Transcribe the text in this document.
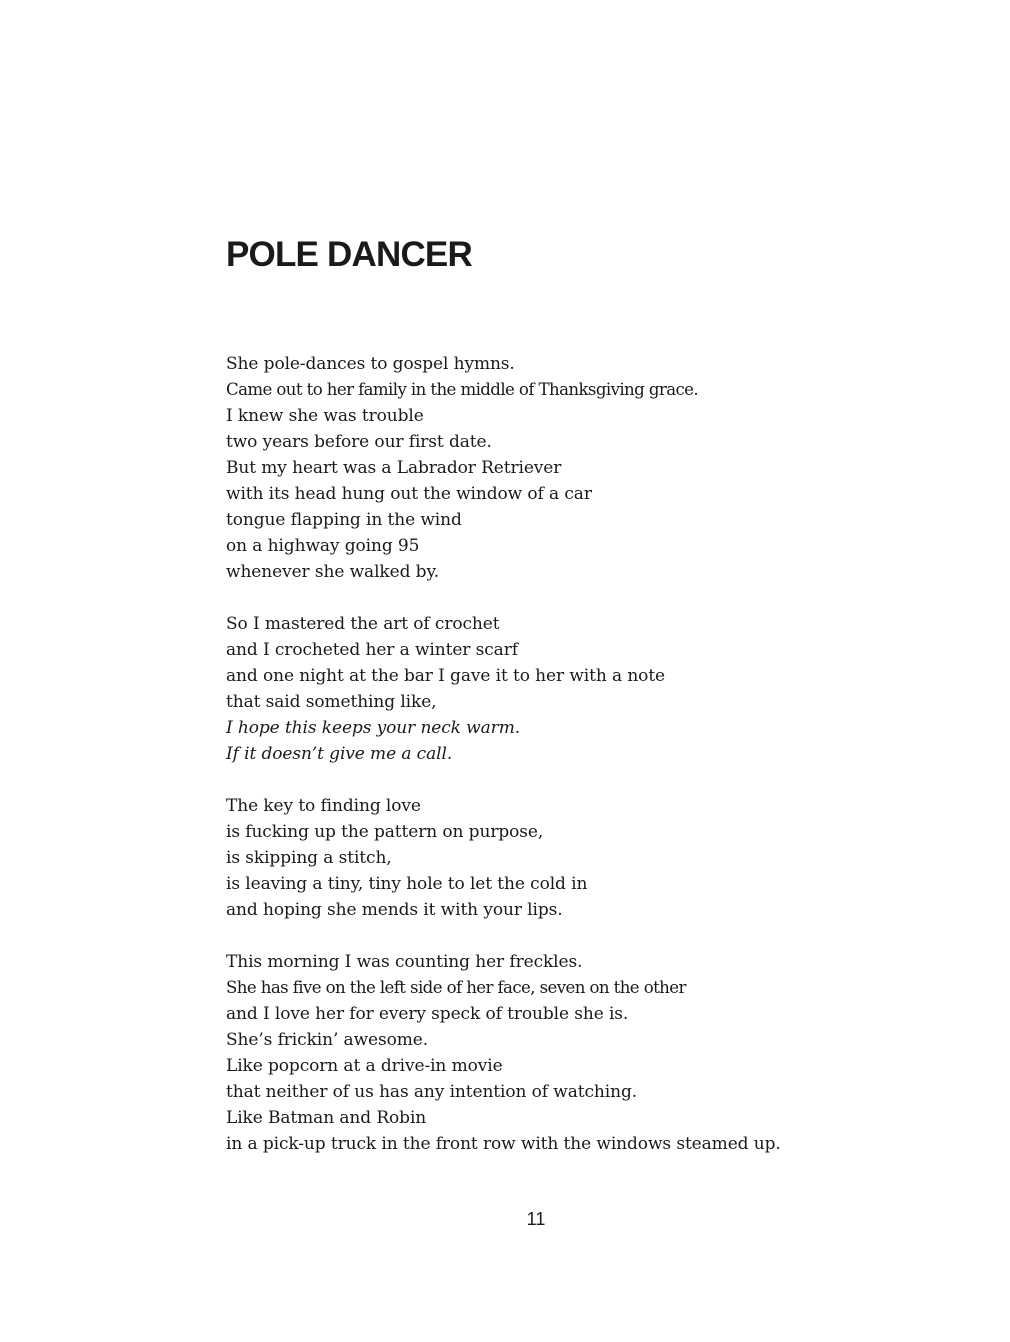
POLE DANCER

She pole-dances to gospel hymns.
Came out to her family in the middle of Thanksgiving grace.
I knew she was trouble
two years before our first date.
But my heart was a Labrador Retriever
with its head hung out the window of a car
tongue flapping in the wind
on a highway going 95
whenever she walked by.

So I mastered the art of crochet
and I crocheted her a winter scarf
and one night at the bar I gave it to her with a note
that said something like,
I hope this keeps your neck warm.
If it doesn’t give me a call.

The key to finding love
is fucking up the pattern on purpose,
is skipping a stitch,
is leaving a tiny, tiny hole to let the cold in
and hoping she mends it with your lips.

This morning I was counting her freckles.
She has five on the left side of her face, seven on the other
and I love her for every speck of trouble she is.
She’s frickin’ awesome.
Like popcorn at a drive-in movie
that neither of us has any intention of watching.
Like Batman and Robin
in a pick-up truck in the front row with the windows steamed up.

11
